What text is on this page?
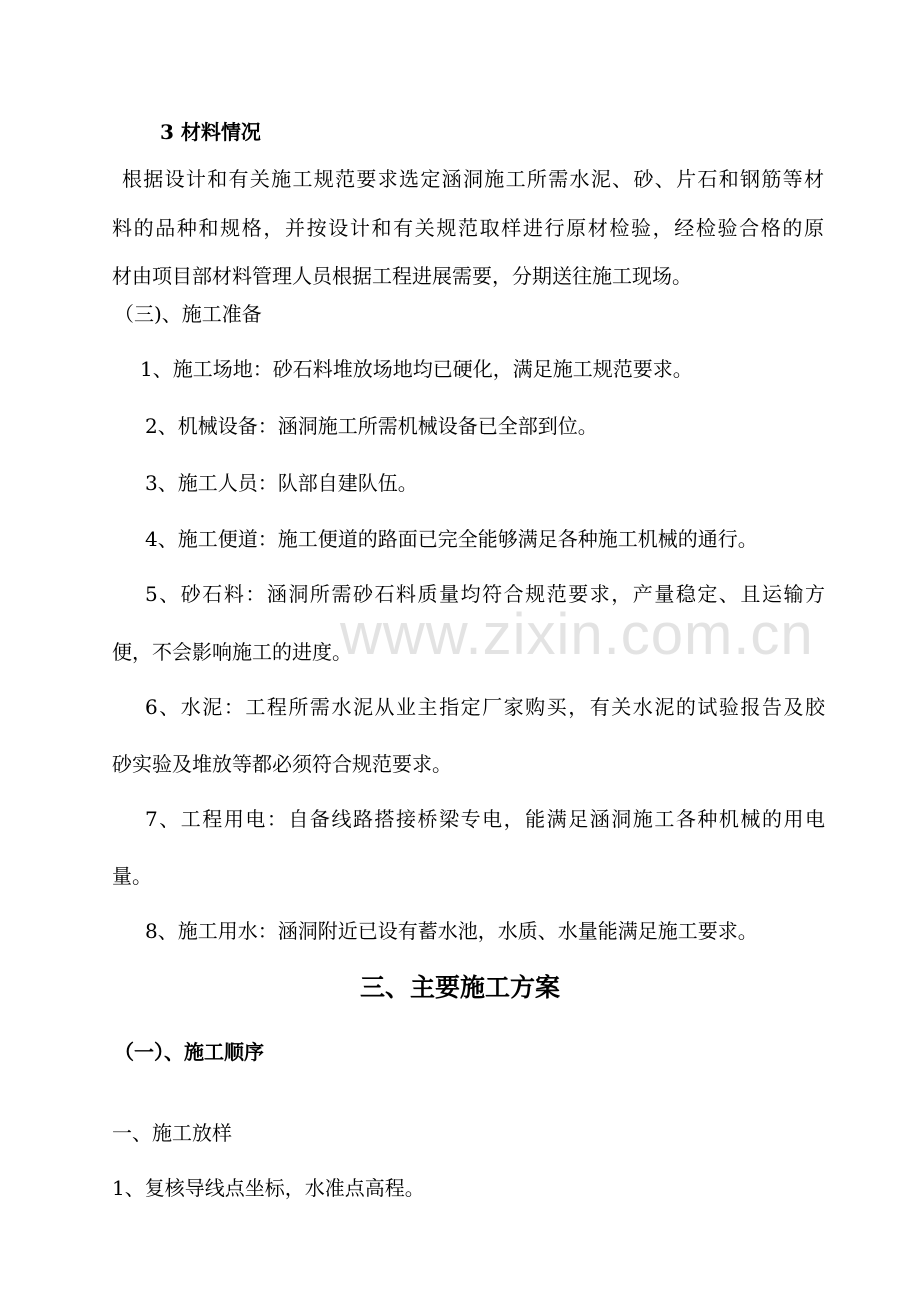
www.zixin.com.cn
3 材料情况
根据设计和有关施工规范要求选定涵洞施工所需水泥、砂、片石和钢筋等材
料的品种和规格，并按设计和有关规范取样进行原材检验，经检验合格的原
材由项目部材料管理人员根据工程进展需要，分期送往施工现场。
（三)、施工准备
1、施工场地：砂石料堆放场地均已硬化，满足施工规范要求。
2、机械设备：涵洞施工所需机械设备已全部到位。
3、施工人员：队部自建队伍。
4、施工便道：施工便道的路面已完全能够满足各种施工机械的通行。
5、砂石料：涵洞所需砂石料质量均符合规范要求，产量稳定、且运输方
便，不会影响施工的进度。
6、水泥：工程所需水泥从业主指定厂家购买，有关水泥的试验报告及胶
砂实验及堆放等都必须符合规范要求。
7、工程用电：自备线路搭接桥梁专电，能满足涵洞施工各种机械的用电
量。
8、施工用水：涵洞附近已设有蓄水池，水质、水量能满足施工要求。
三、主要施工方案
（一）、施工顺序
一、施工放样
1、复核导线点坐标，水准点高程。
